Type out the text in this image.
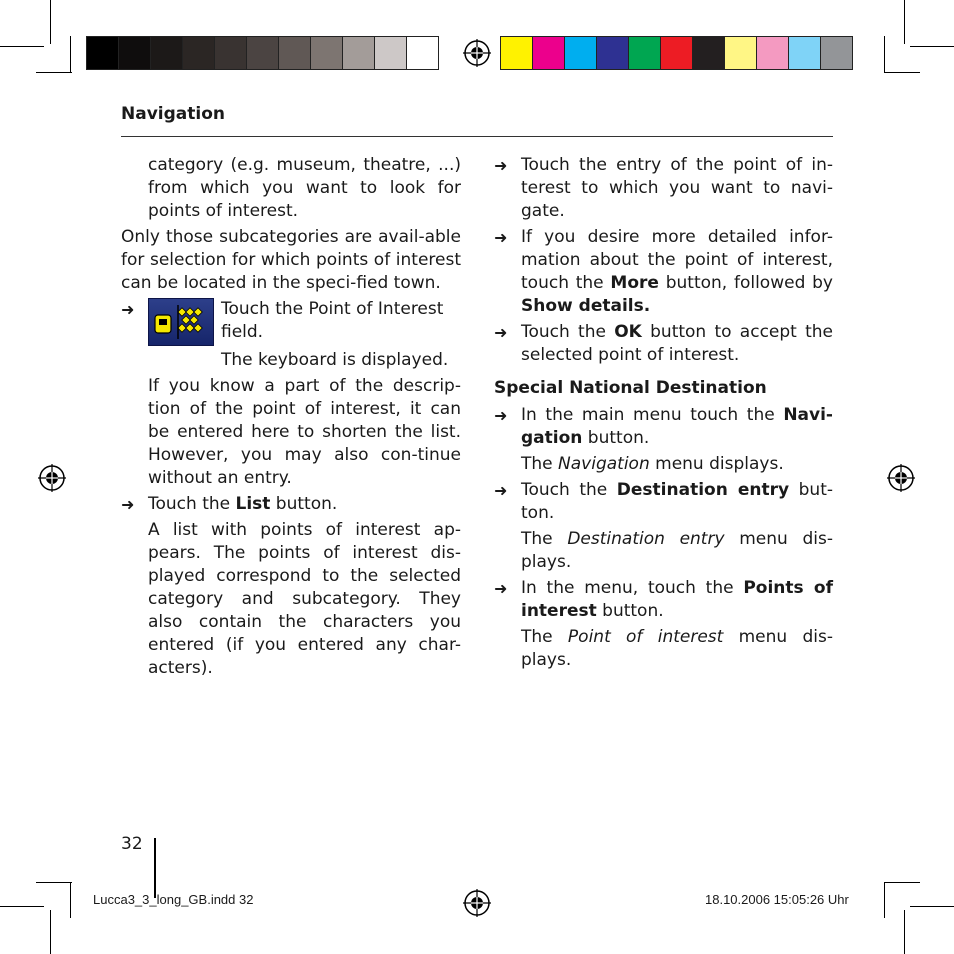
Navigation

category (e.g. museum, theatre, ...) from which you want to look for points of interest.

Only those subcategories are avail-able for selection for which points of interest can be located in the speci-fied town.

➜	Touch the Point of Interest field.

The keyboard is displayed.

If you know a part of the descrip-tion of the point of interest, it can be entered here to shorten the list. However, you may also con-tinue without an entry.

➜ Touch the List button.

A list with points of interest ap-pears. The points of interest dis-played correspond to the selected category and subcategory. They also contain the characters you entered (if you entered any char-acters).

➜ Touch the entry of the point of in-terest to which you want to navi-gate.
➜ If you desire more detailed infor-mation about the point of interest, touch the More button, followed by Show details.
➜ Touch the OK button to accept the selected point of interest.
Special National Destination
➜ In the main menu touch the Navi-gation button.

The Navigation menu displays.

➜ Touch the Destination entry but-ton.

The Destination entry menu dis-plays.

➜ In the menu, touch the Points of interest button.

The Point of interest menu dis-plays.

32
Lucca3_3_long_GB.indd 32	18.10.2006 15:05:26 Uhr
